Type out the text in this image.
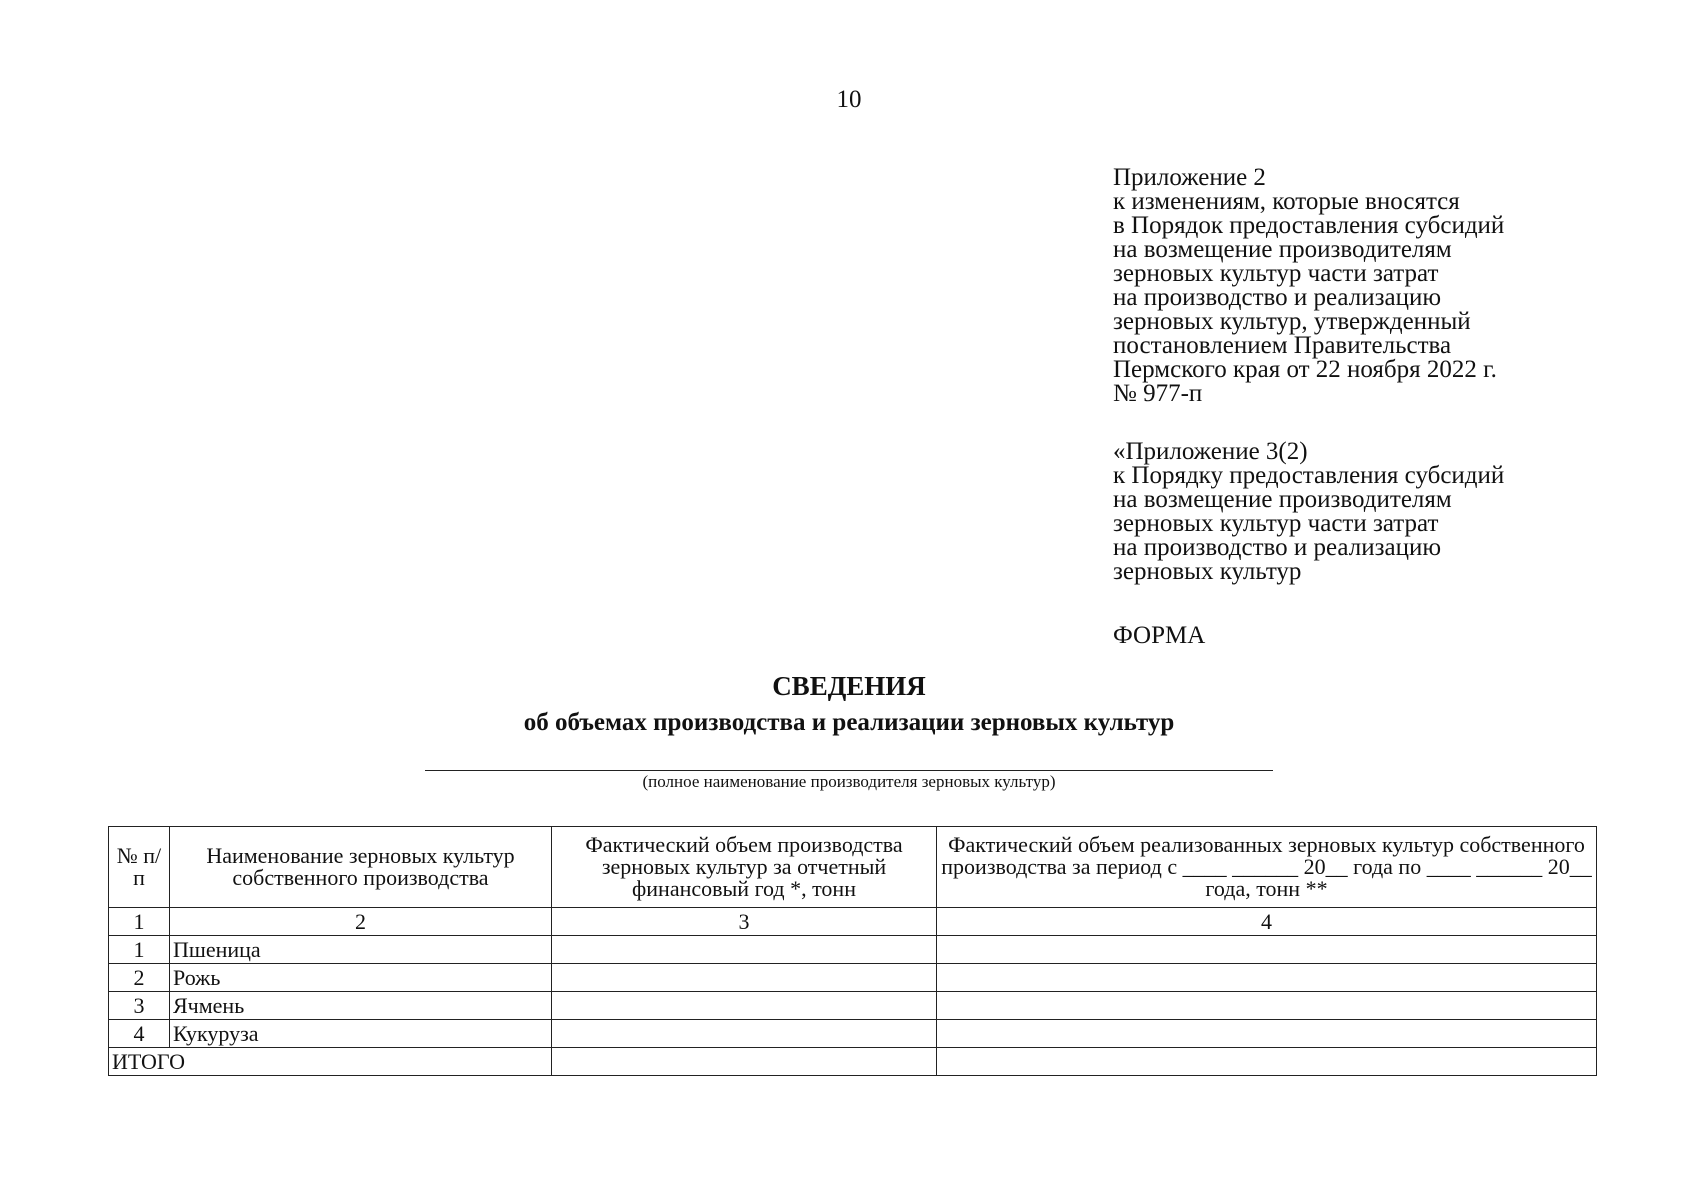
10
Приложение 2
к изменениям, которые вносятся
в Порядок предоставления субсидий
на возмещение производителям
зерновых культур части затрат
на производство и реализацию
зерновых культур, утвержденный
постановлением Правительства
Пермского края от 22 ноября 2022 г.
№ 977-п
«Приложение 3(2)
к Порядку предоставления субсидий
на возмещение производителям
зерновых культур части затрат
на производство и реализацию
зерновых культур
ФОРМА
СВЕДЕНИЯ
об объемах производства и реализации зерновых культур
(полное наименование производителя зерновых культур)
№ п/п	Наименование зерновых культур собственного производства	Фактический объем производства зерновых культур за отчетный финансовый год *, тонн	Фактический объем реализованных зерновых культур собственного производства за период с ____ ______ 20__ года по ____ ______ 20__ года, тонн **
1	2	3	4
1	Пшеница		
2	Рожь		
3	Ячмень		
4	Кукуруза		
ИТОГО			
